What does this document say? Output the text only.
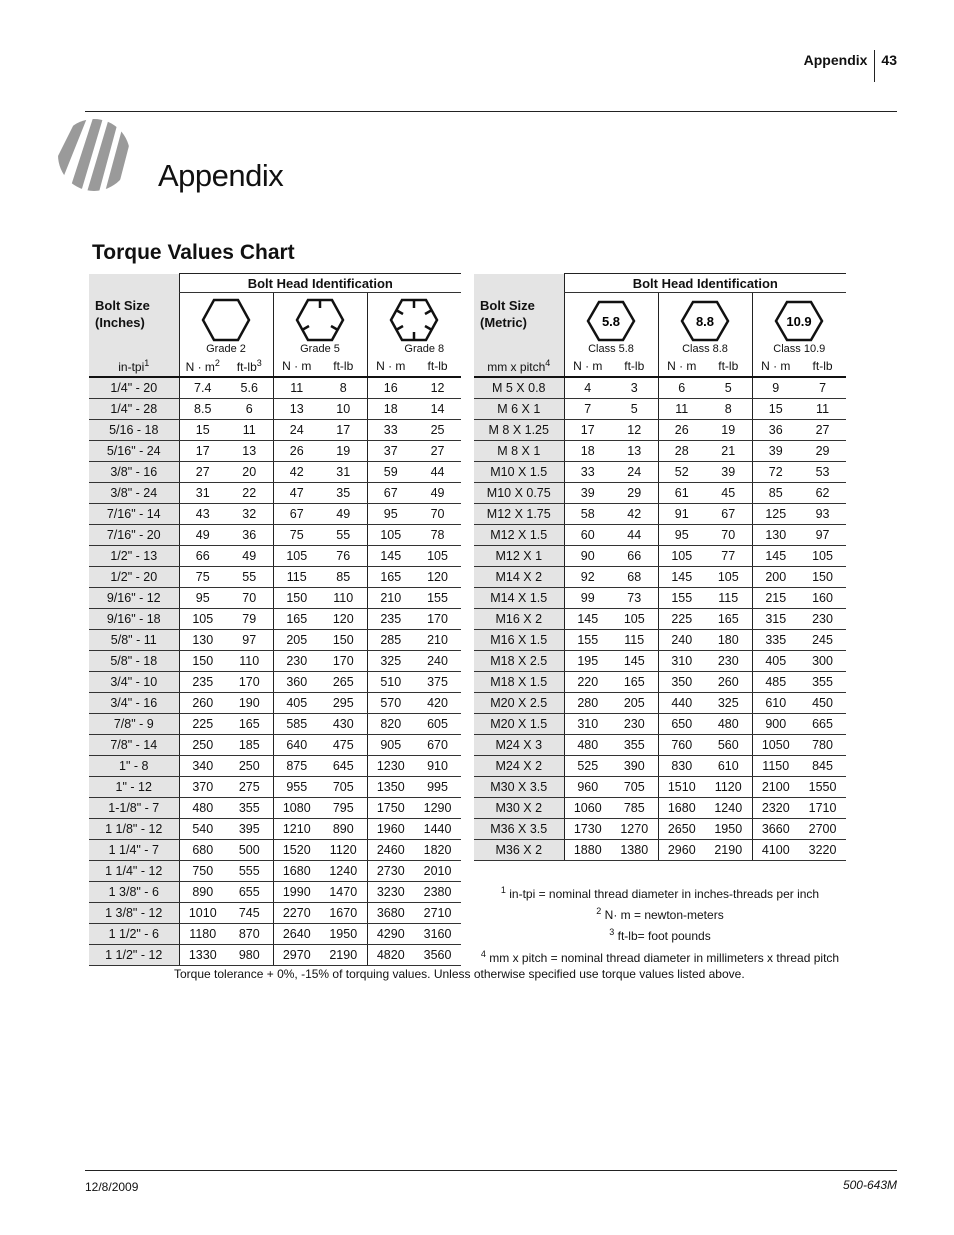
Appendix 43
Appendix
Torque Values Chart
Bolt Size
(Inches)	Bolt Head Identification					

	Grade 2		Grade 5		Grade 8	

in-tpi$^1$	$N \cdot m^2$	$ft-lb^3$	N · m	ft-lb	N · m	ft-lb
1/4" - 20	7.4	5.6	11	8	16	12
1/4" - 28	8.5	6	13	10	18	14
5/16 - 18	15	11	24	17	33	25
5/16" - 24	17	13	26	19	37	27
3/8" - 16	27	20	42	31	59	44
3/8" - 24	31	22	47	35	67	49
7/16" - 14	43	32	67	49	95	70
7/16" - 20	49	36	75	55	105	78
1/2" - 13	66	49	105	76	145	105
1/2" - 20	75	55	115	85	165	120
9/16" - 12	95	70	150	110	210	155
9/16" - 18	105	79	165	120	235	170
5/8" - 11	130	97	205	150	285	210
5/8" - 18	150	110	230	170	325	240
3/4" - 10	235	170	360	265	510	375
3/4" - 16	260	190	405	295	570	420
7/8" - 9	225	165	585	430	820	605
7/8" - 14	250	185	640	475	905	670
1" - 8	340	250	875	645	1230	910
1" - 12	370	275	955	705	1350	995
1-1/8" - 7	480	355	1080	795	1750	1290
1 1/8" - 12	540	395	1210	890	1960	1440
1 1/4" - 7	680	500	1520	1120	2460	1820
1 1/4" - 12	750	555	1680	1240	2730	2010
1 3/8" - 6	890	655	1990	1470	3230	2380
1 3/8" - 12	1010	745	2270	1670	3680	2710
1 1/2" - 6	1180	870	2640	1950	4290	3160
1 1/2" - 12	1330	980	2970	2190	4820	3560
Bolt Size
(Metric)	Bolt Head Identification					

5.8
Class 5.8		8.8
Class 8.8		10.9
Class 10.9	

mm x pitch$^4$	N · m	ft-lb	N · m	ft-lb	N · m	ft-lb
M 5 X 0.8	4	3	6	5	9	7
M 6 X 1	7	5	11	8	15	11
M 8 X 1.25	17	12	26	19	36	27
M 8 X 1	18	13	28	21	39	29
M10 X 1.5	33	24	52	39	72	53
M10 X 0.75	39	29	61	45	85	62
M12 X 1.75	58	42	91	67	125	93
M12 X 1.5	60	44	95	70	130	97
M12 X 1	90	66	105	77	145	105
M14 X 2	92	68	145	105	200	150
M14 X 1.5	99	73	155	115	215	160
M16 X 2	145	105	225	165	315	230
M16 X 1.5	155	115	240	180	335	245
M18 X 2.5	195	145	310	230	405	300
M18 X 1.5	220	165	350	260	485	355
M20 X 2.5	280	205	440	325	610	450
M20 X 1.5	310	230	650	480	900	665
M24 X 3	480	355	760	560	1050	780
M24 X 2	525	390	830	610	1150	845
M30 X 3.5	960	705	1510	1120	2100	1550
M30 X 2	1060	785	1680	1240	2320	1710
M36 X 3.5	1730	1270	2650	1950	3660	2700
M36 X 2	1880	1380	2960	2190	4100	3220
$^1$ in-tpi = nominal thread diameter in inches-threads per inch
$^2$ N· m = newton-meters
$^3$ ft-lb= foot pounds
$^4$ mm x pitch = nominal thread diameter in millimeters x thread pitch
Torque tolerance + 0%, -15% of torquing values. Unless otherwise specified use torque values listed above.
12/8/2009	500-643M
